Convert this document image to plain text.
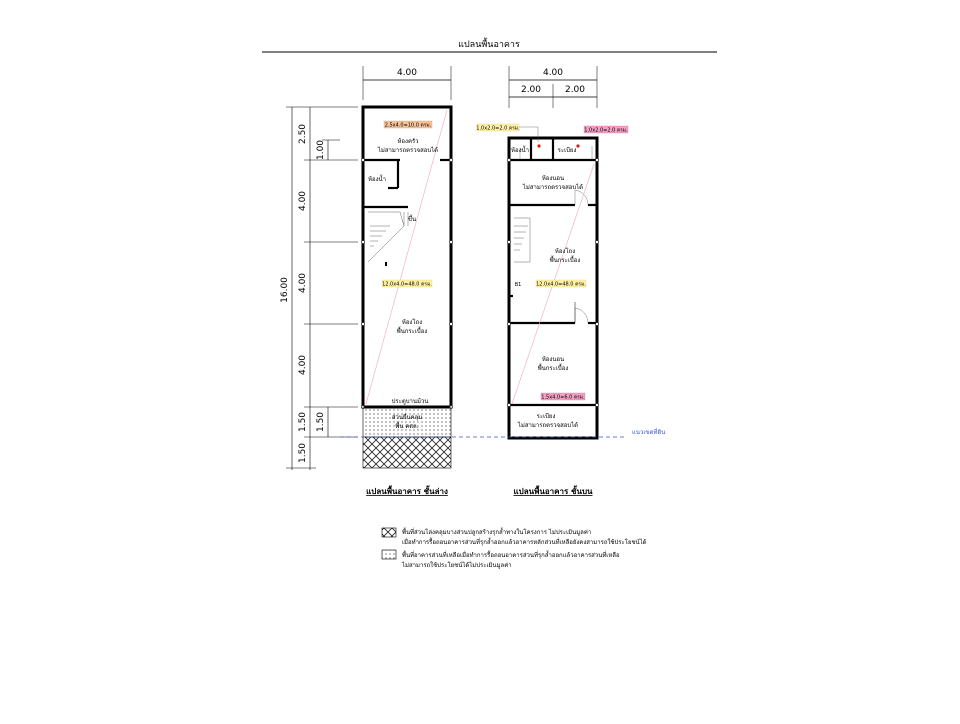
แปลนพื้นอาคาร
4.00
16.00
2.50
4.00
4.00
4.00
1.50
1.50
1.00
1.50
2.5x4.0=10.0 ตรม.
12.0x4.0=48.0 ตรม.
ห้องครัว
ไม่สามารถตรวจสอบได้
ห้องน้ำ
ขึ้น
ห้องโถง
พื้นกระเบื้อง
ประตูบานม้วน
ส่วนยื่นคลุม
พื้น คสล.
แปลนพื้นอาคาร ชั้นล่าง
4.00
2.00	2.00
1.0x2.0=2.0 ตรม.	1.0x2.0=2.0 ตรม.
12.0x4.0=48.0 ตรม.
1.5x4.0=6.0 ตรม.
ห้องน้ำ	ระเบียง
ห้องนอน
ไม่สามารถตรวจสอบได้
ห้องโถง
พื้นกระเบื้อง
B1
ห้องนอน
พื้นกระเบื้อง
ระเบียง
ไม่สามารถตรวจสอบได้
แปลนพื้นอาคาร ชั้นบน
แนวเขตที่ดิน
พื้นที่ส่วนโล่งคลุมบางส่วนปลูกสร้างรุกล้ำทางในโครงการ ไม่ประเมินมูลค่า
เมื่อทำการรื้อถอนอาคารส่วนที่รุกล้ำออกแล้วอาคารหลักส่วนที่เหลือยังคงสามารถใช้ประโยชน์ได้
พื้นที่อาคารส่วนที่เหลือเมื่อทำการรื้อถอนอาคารส่วนที่รุกล้ำออกแล้วอาคารส่วนที่เหลือ
ไม่สามารถใช้ประโยชน์ได้ไม่ประเมินมูลค่า
